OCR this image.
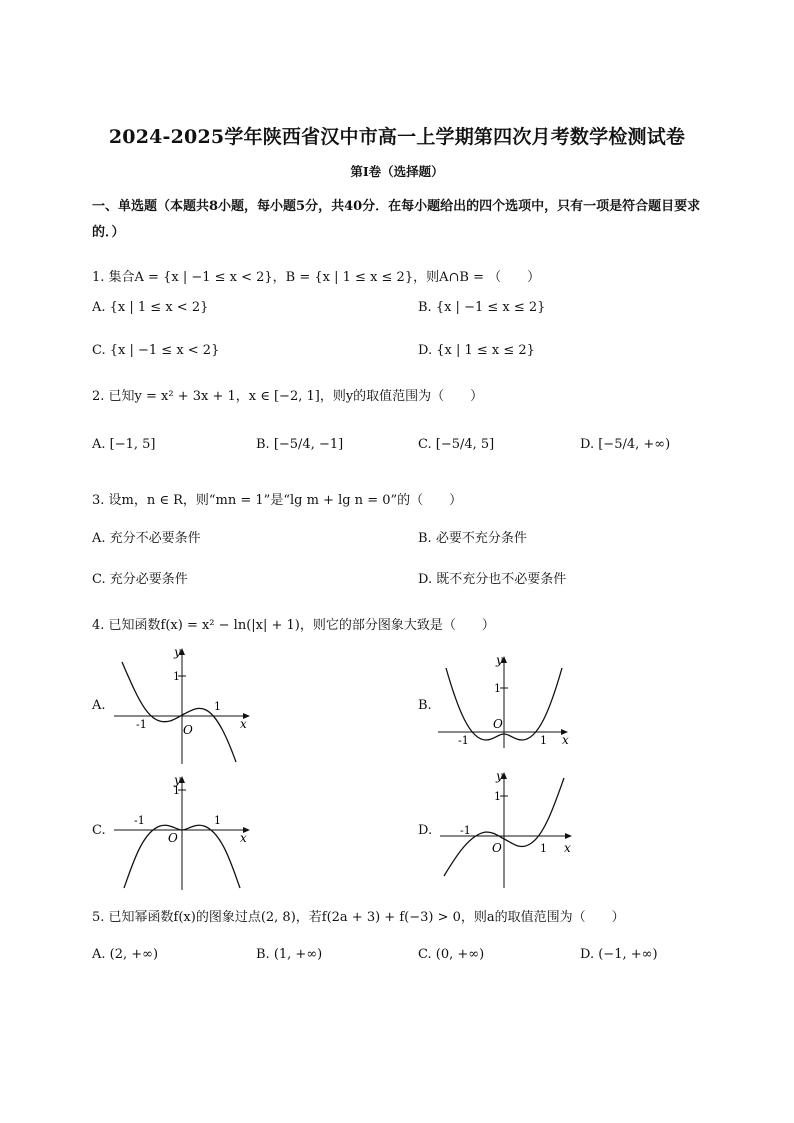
2024-2025学年陕西省汉中市高一上学期第四次月考数学检测试卷
第Ⅰ卷（选择题）
一、单选题（本题共8小题，每小题5分，共40分．在每小题给出的四个选项中，只有一项是符合题目要求的．）
1. 集合A = {x | −1 ≤ x < 2}，B = {x | 1 ≤ x ≤ 2}，则A∩B = （　　）
A. {x | 1 ≤ x < 2}	B. {x | −1 ≤ x ≤ 2}
C. {x | −1 ≤ x < 2}	D. {x | 1 ≤ x ≤ 2}
2. 已知y = x² + 3x + 1，x ∈ [−2, 1]，则y的取值范围为（　　）
A. [−1, 5]	B. [−5/4, −1]	C. [−5/4, 5]	D. [−5/4, +∞)
3. 设m，n ∈ R，则“mn = 1”是“lg m + lg n = 0”的（　　）
A. 充分不必要条件	B. 必要不充分条件
C. 充分必要条件	D. 既不充分也不必要条件
4. 已知函数f(x) = x² − ln(|x| + 1)，则它的部分图象大致是（　　）
A.	B.
C.	D.
y
x
O
1
1
-1
y
x
O
1
1
-1
y
x
O
1
1
-1
y
x
O
1
1
-1
5. 已知幂函数f(x)的图象过点(2, 8)，若f(2a + 3) + f(−3) > 0，则a的取值范围为（　　）
A. (2, +∞)	B. (1, +∞)	C. (0, +∞)	D. (−1, +∞)
